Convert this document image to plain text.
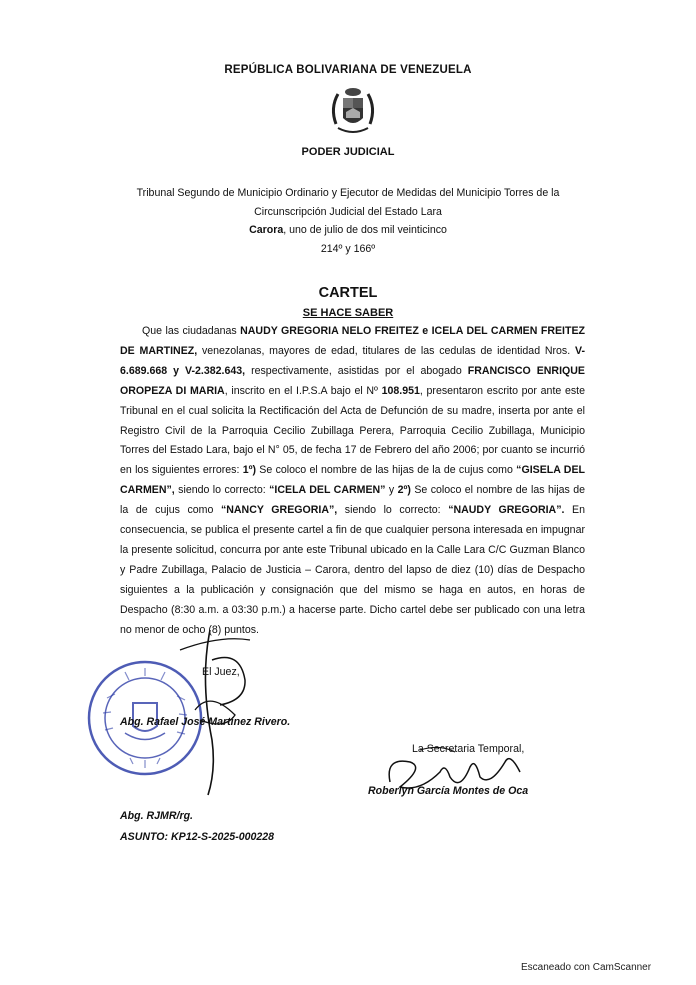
REPÚBLICA BOLIVARIANA DE VENEZUELA
PODER JUDICIAL
Tribunal Segundo de Municipio Ordinario y Ejecutor de Medidas del Municipio Torres de la
Circunscripción Judicial del Estado Lara
Carora, uno de julio de dos mil veinticinco
214º y 166º
CARTEL
SE HACE SABER
Que las ciudadanas NAUDY GREGORIA NELO FREITEZ e ICELA DEL CARMEN FREITEZ DE MARTINEZ, venezolanas, mayores de edad, titulares de las cedulas de identidad Nros. V-6.689.668 y V-2.382.643, respectivamente, asistidas por el abogado FRANCISCO ENRIQUE OROPEZA DI MARIA, inscrito en el I.P.S.A bajo el Nº 108.951, presentaron escrito por ante este Tribunal en el cual solicita la Rectificación del Acta de Defunción de su madre, inserta por ante el Registro Civil de la Parroquia Cecilio Zubillaga Perera, Parroquia Cecilio Zubillaga, Municipio Torres del Estado Lara, bajo el N° 05, de fecha 17 de Febrero del año 2006; por cuanto se incurrió en los siguientes errores: 1º) Se coloco el nombre de las hijas de la de cujus como “GISELA DEL CARMEN”, siendo lo correcto: “ICELA DEL CARMEN” y 2º) Se coloco el nombre de las hijas de la de cujus como “NANCY GREGORIA”, siendo lo correcto: “NAUDY GREGORIA”. En consecuencia, se publica el presente cartel a fin de que cualquier persona interesada en impugnar la presente solicitud, concurra por ante este Tribunal ubicado en la Calle Lara C/C Guzman Blanco y Padre Zubillaga, Palacio de Justicia – Carora, dentro del lapso de diez (10) días de Despacho siguientes a la publicación y consignación que del mismo se haga en autos, en horas de Despacho (8:30 a.m. a 03:30 p.m.) a hacerse parte. Dicho cartel debe ser publicado con una letra no menor de ocho (8) puntos.
El Juez,
Abg. Rafael José Martinez Rivero.
La Secretaria Temporal,
Roberlyn García Montes de Oca
Abg. RJMR/rg.
ASUNTO: KP12-S-2025-000228
Escaneado con CamScanner
